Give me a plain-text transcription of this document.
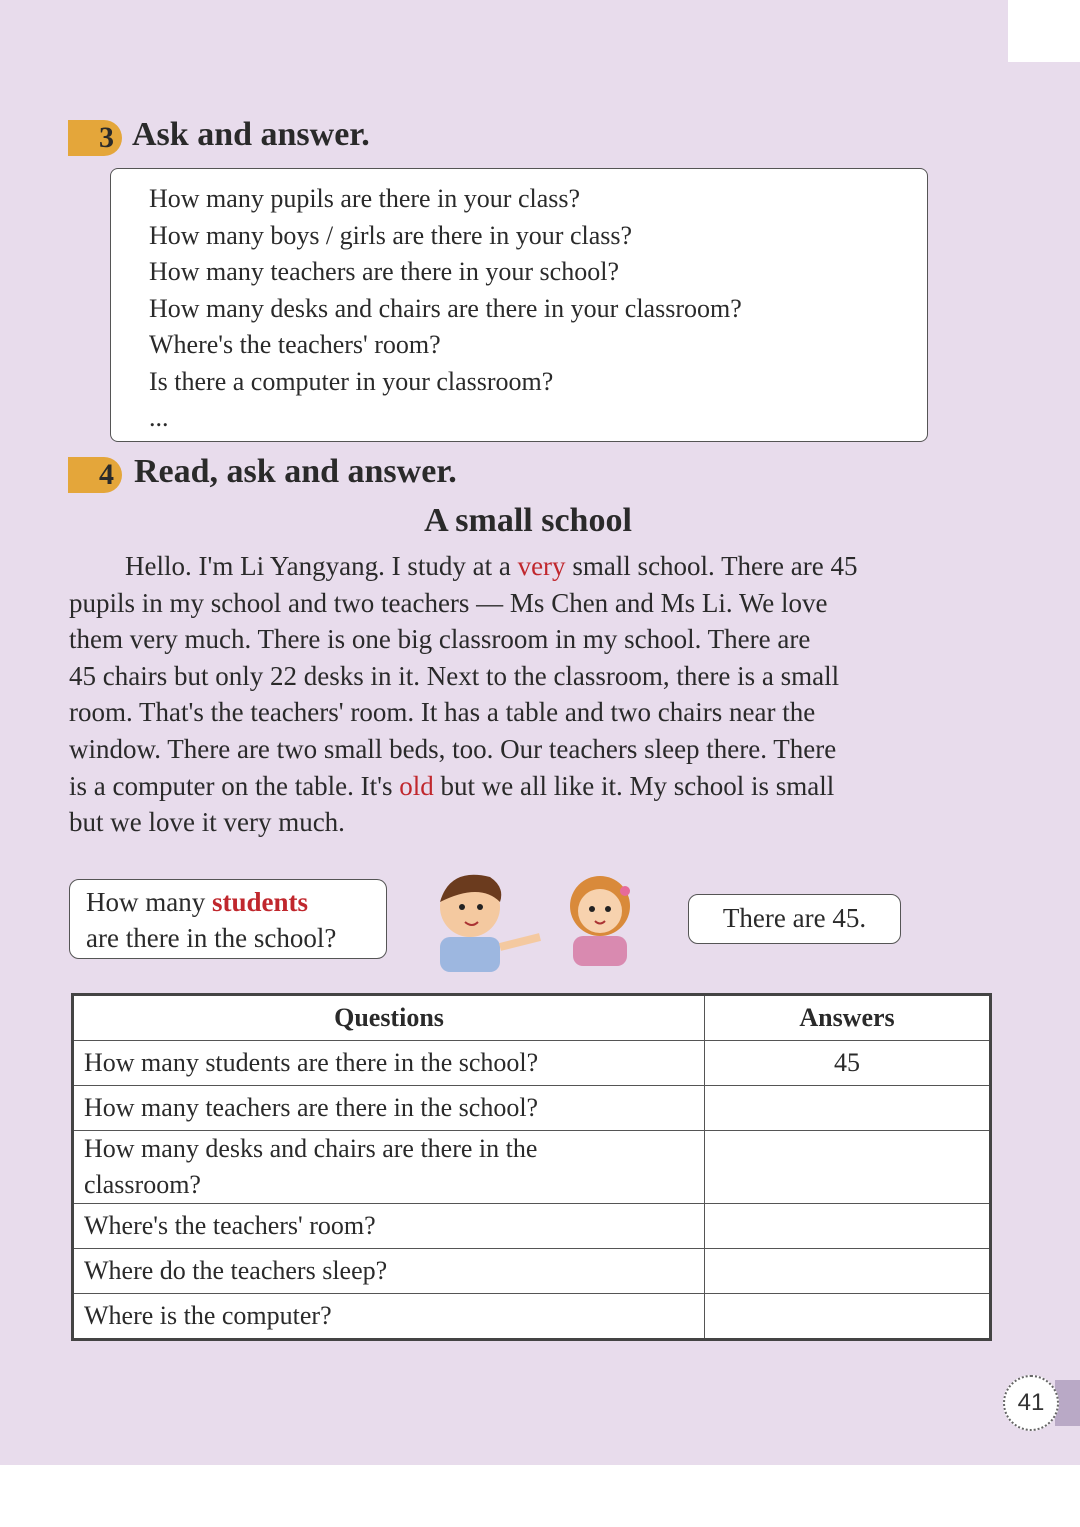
3 Ask and answer.
How many pupils are there in your class?
How many boys / girls are there in your class?
How many teachers are there in your school?
How many desks and chairs are there in your classroom?
Where's the teachers' room?
Is there a computer in your classroom?
...
4 Read, ask and answer.
A small school
Hello. I'm Li Yangyang. I study at a very small school. There are 45
pupils in my school and two teachers — Ms Chen and Ms Li. We love
them very much. There is one big classroom in my school. There are
45 chairs but only 22 desks in it. Next to the classroom, there is a small
room. That's the teachers' room. It has a table and two chairs near the
window. There are two small beds, too. Our teachers sleep there. There
is a computer on the table. It's old but we all like it. My school is small
but we love it very much.
How many students
are there in the school?
There are 45.
Questions	Answers
How many students are there in the school?	45
How many teachers are there in the school?	
How many desks and chairs are there in the classroom?	
Where's the teachers' room?	
Where do the teachers sleep?	
Where is the computer?	
41
